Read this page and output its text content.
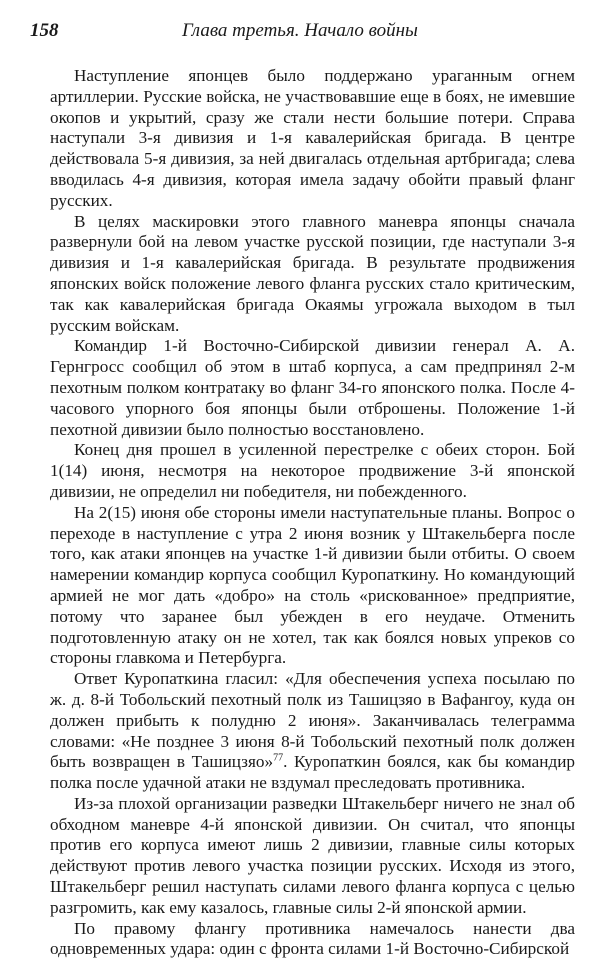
158	Глава третья. Начало войны

Наступление японцев было поддержано ураганным огнем артиллерии. Русские войска, не участвовавшие еще в боях, не имевшие окопов и укрытий, сразу же стали нести большие потери. Справа наступали 3-я дивизия и 1-я кавалерийская бригада. В центре действовала 5-я дивизия, за ней двигалась отдельная артбригада; слева вводилась 4-я дивизия, которая имела задачу обойти правый фланг русских.

В целях маскировки этого главного маневра японцы сначала развернули бой на левом участке русской позиции, где наступали 3-я дивизия и 1-я кавалерийская бригада. В результате продвижения японских войск положение левого фланга русских стало критическим, так как кавалерийская бригада Окаямы угрожала выходом в тыл русским войскам.

Командир 1-й Восточно-Сибирской дивизии генерал А. А. Гернгросс сообщил об этом в штаб корпуса, а сам предпринял 2-м пехотным полком контратаку во фланг 34-го японского полка. После 4-часового упорного боя японцы были отброшены. Положение 1-й пехотной дивизии было полностью восстановлено.

Конец дня прошел в усиленной перестрелке с обеих сторон. Бой 1(14) июня, несмотря на некоторое продвижение 3-й японской дивизии, не определил ни победителя, ни побежденного.

На 2(15) июня обе стороны имели наступательные планы. Вопрос о переходе в наступление с утра 2 июня возник у Штакельберга после того, как атаки японцев на участке 1-й дивизии были отбиты. О своем намерении командир корпуса сообщил Куропаткину. Но командующий армией не мог дать «добро» на столь «рискованное» предприятие, потому что заранее был убежден в его неудаче. Отменить подготовленную атаку он не хотел, так как боялся новых упреков со стороны главкома и Петербурга.

Ответ Куропаткина гласил: «Для обеспечения успеха посылаю по ж. д. 8-й Тобольский пехотный полк из Ташицзяо в Вафангоу, куда он должен прибыть к полудню 2 июня». Заканчивалась телеграмма словами: «Не позднее 3 июня 8-й Тобольский пехотный полк должен быть возвращен в Ташицзяо»$^{77}$. Куропаткин боялся, как бы командир полка после удачной атаки не вздумал преследовать противника.

Из-за плохой организации разведки Штакельберг ничего не знал об обходном маневре 4-й японской дивизии. Он считал, что японцы против его корпуса имеют лишь 2 дивизии, главные силы которых действуют против левого участка позиции русских. Исходя из этого, Штакельберг решил наступать силами левого фланга корпуса с целью разгромить, как ему казалось, главные силы 2-й японской армии.

По правому флангу противника намечалось нанести два одновременных удара: один с фронта силами 1-й Восточно-Сибирской
